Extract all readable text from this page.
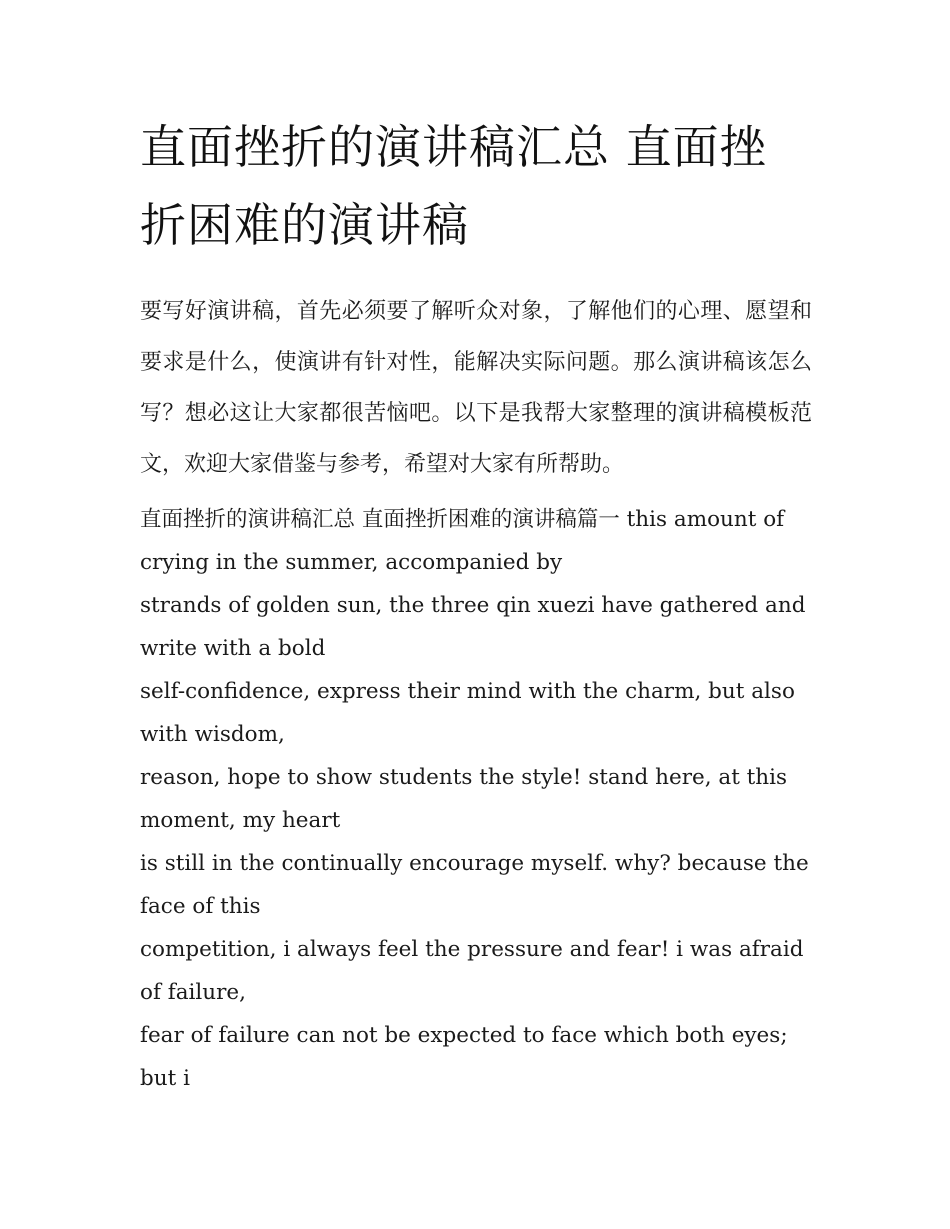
直面挫折的演讲稿汇总 直面挫折困难的演讲稿

要写好演讲稿，首先必须要了解听众对象，了解他们的心理、愿望和要求是什么，使演讲有针对性，能解决实际问题。那么演讲稿该怎么写？想必这让大家都很苦恼吧。以下是我帮大家整理的演讲稿模板范文，欢迎大家借鉴与参考，希望对大家有所帮助。

直面挫折的演讲稿汇总 直面挫折困难的演讲稿篇一 this amount of crying in the summer, accompanied by
strands of golden sun, the three qin xuezi have gathered and write with a bold
self-confidence, express their mind with the charm, but also with wisdom,
reason, hope to show students the style! stand here, at this moment, my heart
is still in the continually encourage myself. why? because the face of this
competition, i always feel the pressure and fear! i was afraid of failure,
fear of failure can not be expected to face which both eyes; but i
